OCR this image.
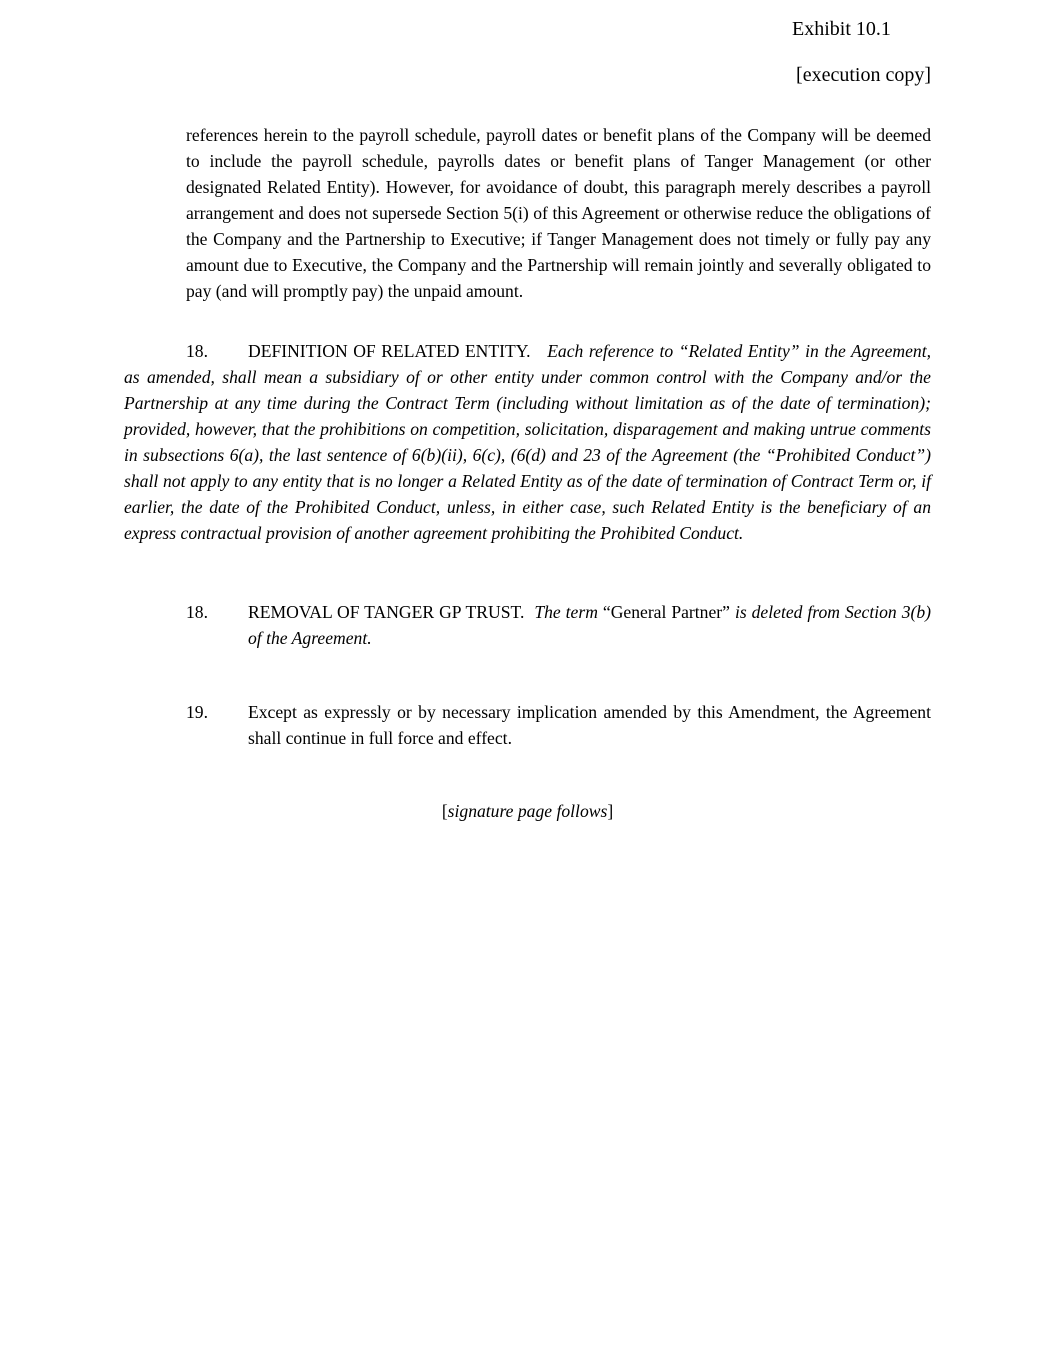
Exhibit 10.1
[execution copy]

references herein to the payroll schedule, payroll dates or benefit plans of the Company will be deemed to include the payroll schedule, payrolls dates or benefit plans of Tanger Management (or other designated Related Entity). However, for avoidance of doubt, this paragraph merely describes a payroll arrangement and does not supersede Section 5(i) of this Agreement or otherwise reduce the obligations of the Company and the Partnership to Executive; if Tanger Management does not timely or fully pay any amount due to Executive, the Company and the Partnership will remain jointly and severally obligated to pay (and will promptly pay) the unpaid amount.

18. DEFINITION OF RELATED ENTITY. Each reference to “Related Entity” in the Agreement, as amended, shall mean a subsidiary of or other entity under common control with the Company and/or the Partnership at any time during the Contract Term (including without limitation as of the date of termination); provided, however, that the prohibitions on competition, solicitation, disparagement and making untrue comments in subsections 6(a), the last sentence of 6(b)(ii), 6(c), (6(d) and 23 of the Agreement (the “Prohibited Conduct”) shall not apply to any entity that is no longer a Related Entity as of the date of termination of Contract Term or, if earlier, the date of the Prohibited Conduct, unless, in either case, such Related Entity is the beneficiary of an express contractual provision of another agreement prohibiting the Prohibited Conduct.

18. REMOVAL OF TANGER GP TRUST. The term “General Partner” is deleted from Section 3(b) of the Agreement.
19. Except as expressly or by necessary implication amended by this Amendment, the Agreement shall continue in full force and effect.
[signature page follows]
